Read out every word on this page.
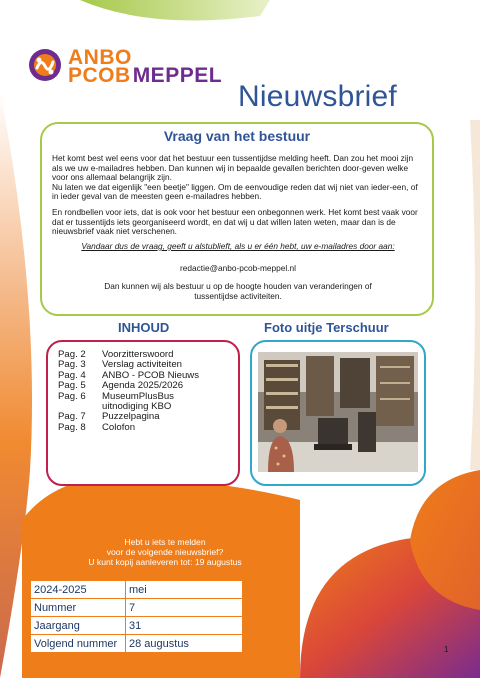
ANBO
PCOBMEPPEL
Nieuwsbrief
Vraag van het bestuur

Het komt best wel eens voor dat het bestuur een tussentijdse melding heeft. Dan zou het mooi zijn als we uw e-mailadres hebben. Dan kunnen wij in bepaalde gevallen berichten door-geven welke voor ons allemaal belangrijk zijn.

Nu laten we dat eigenlijk "een beetje" liggen. Om de eenvoudige reden dat wij niet van ieder-een, of in ieder geval van de meesten geen e-mailadres hebben.

En rondbellen voor iets, dat is ook voor het bestuur een onbegonnen werk. Het komt best vaak voor dat er tussentijds iets georganiseerd wordt, en dat wij u dat willen laten weten, maar dan is de nieuwsbrief vaak niet verschenen.

Vandaar dus de vraag, geeft u alstublieft, als u er één hebt, uw e-mailadres door aan:
redactie@anbo-pcob-meppel.nl
Dan kunnen wij als bestuur u op de hoogte houden van veranderingen of
tussentijdse activiteiten.
INHOUD	Foto uitje Terschuur
Pag. 2	Voorzitterswoord
Pag. 3	Verslag activiteiten
Pag. 4	ANBO - PCOB Nieuws
Pag. 5	Agenda 2025/2026
Pag. 6	MuseumPlusBus
uitnodiging KBO
Pag. 7	Puzzelpagina
Pag. 8	Colofon
Hebt u iets te melden
voor de volgende nieuwsbrief?
U kunt kopij aanleveren tot: 19 augustus
2024-2025	mei
Nummer	7
Jaargang	31
Volgend nummer	28 augustus	1
